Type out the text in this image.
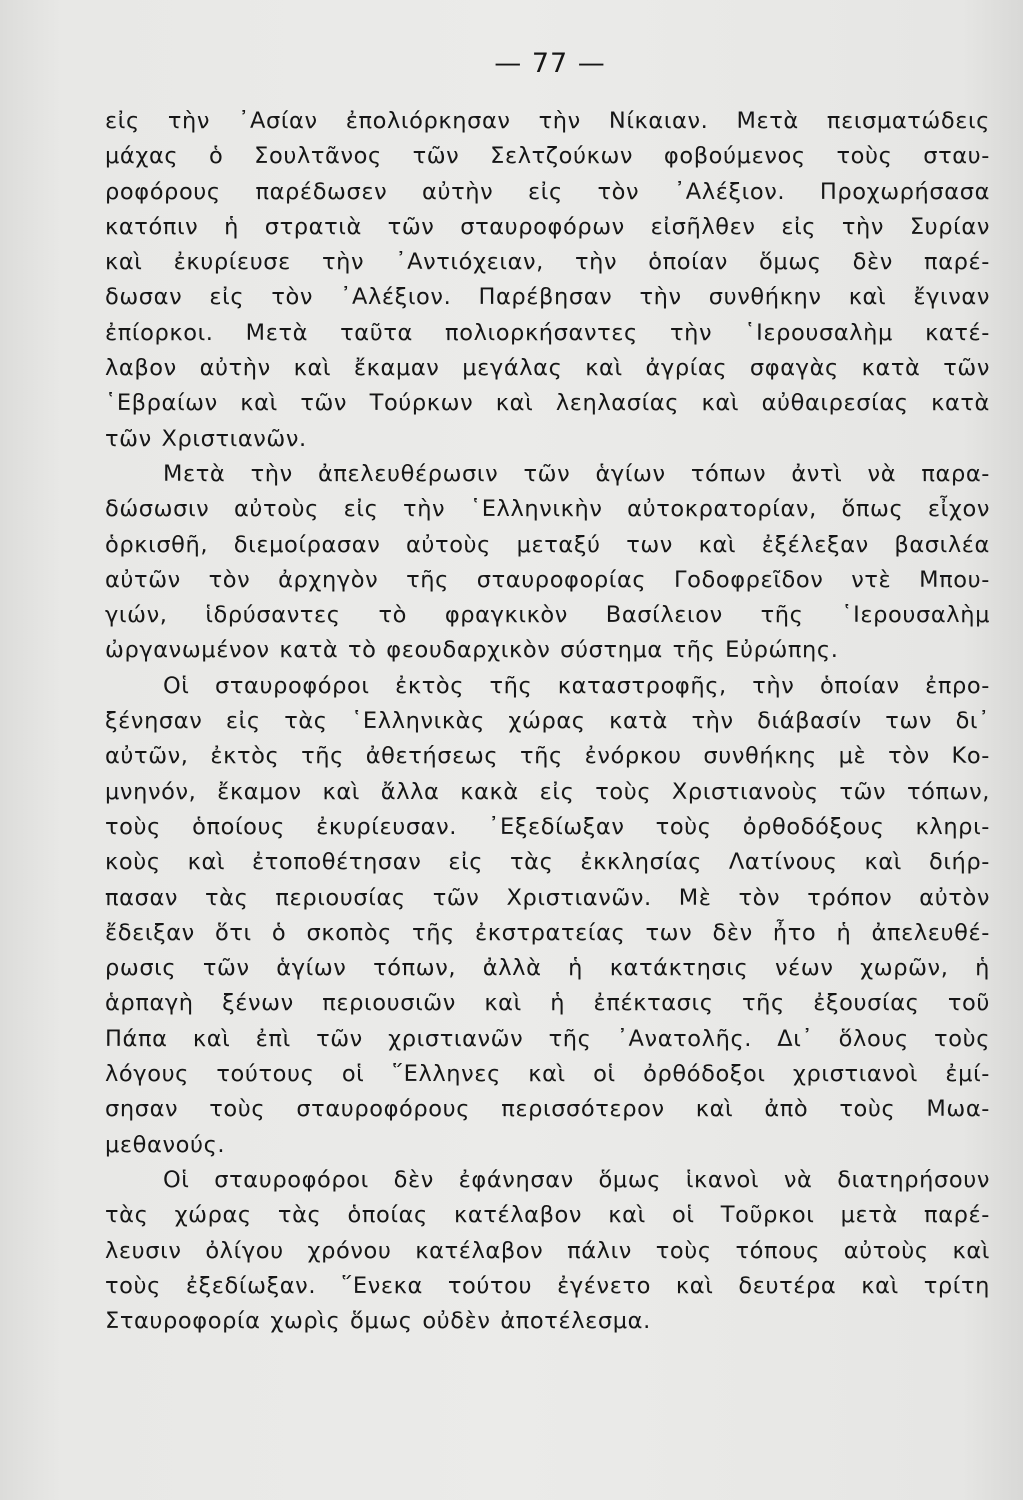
— 77 —
εἰς τὴν ᾿Ασίαν ἐπολιόρκησαν τὴν Νίκαιαν. Μετὰ πεισματώδεις
μάχας ὁ Σουλτᾶνος τῶν Σελτζούκων φοβούμενος τοὺς σταυ-
ροφόρους παρέδωσεν αὐτὴν εἰς τὸν ᾿Αλέξιον. Προχωρήσασα
κατόπιν ἡ στρατιὰ τῶν σταυροφόρων εἰσῆλθεν εἰς τὴν Συρίαν
καὶ ἐκυρίευσε τὴν ᾿Αντιόχειαν, τὴν ὁποίαν ὅμως δὲν παρέ-
δωσαν εἰς τὸν ᾿Αλέξιον. Παρέβησαν τὴν συνθήκην καὶ ἔγιναν
ἐπίορκοι. Μετὰ ταῦτα πολιορκήσαντες τὴν ῾Ιερουσαλὴμ κατέ-
λαβον αὐτὴν καὶ ἔκαμαν μεγάλας καὶ ἀγρίας σφαγὰς κατὰ τῶν
῾Εβραίων καὶ τῶν Τούρκων καὶ λεηλασίας καὶ αὐθαιρεσίας κατὰ
τῶν Χριστιανῶν.
Μετὰ τὴν ἀπελευθέρωσιν τῶν ἁγίων τόπων ἀντὶ νὰ παρα-
δώσωσιν αὐτοὺς εἰς τὴν ῾Ελληνικὴν αὐτοκρατορίαν, ὅπως εἶχον
ὁρκισθῆ, διεμοίρασαν αὐτοὺς μεταξύ των καὶ ἐξέλεξαν βασιλέα
αὐτῶν τὸν ἀρχηγὸν τῆς σταυροφορίας Γοδοφρεῖδον ντὲ Μπου-
γιών, ἱδρύσαντες τὸ φραγκικὸν Βασίλειον τῆς ῾Ιερουσαλὴμ
ὠργανωμένον κατὰ τὸ φεουδαρχικὸν σύστημα τῆς Εὐρώπης.
Οἱ σταυροφόροι ἐκτὸς τῆς καταστροφῆς, τὴν ὁποίαν ἐπρο-
ξένησαν εἰς τὰς ῾Ελληνικὰς χώρας κατὰ τὴν διάβασίν των δι᾿
αὐτῶν, ἐκτὸς τῆς ἀθετήσεως τῆς ἐνόρκου συνθήκης μὲ τὸν Κο-
μνηνόν, ἔκαμον καὶ ἄλλα κακὰ εἰς τοὺς Χριστιανοὺς τῶν τόπων,
τοὺς ὁποίους ἐκυρίευσαν. ᾿Εξεδίωξαν τοὺς ὀρθοδόξους κληρι-
κοὺς καὶ ἐτοποθέτησαν εἰς τὰς ἐκκλησίας Λατίνους καὶ διήρ-
πασαν τὰς περιουσίας τῶν Χριστιανῶν. Μὲ τὸν τρόπον αὐτὸν
ἔδειξαν ὅτι ὁ σκοπὸς τῆς ἐκστρατείας των δὲν ἦτο ἡ ἀπελευθέ-
ρωσις τῶν ἁγίων τόπων, ἀλλὰ ἡ κατάκτησις νέων χωρῶν, ἡ
ἁρπαγὴ ξένων περιουσιῶν καὶ ἡ ἐπέκτασις τῆς ἐξουσίας τοῦ
Πάπα καὶ ἐπὶ τῶν χριστιανῶν τῆς ᾿Ανατολῆς. Δι᾿ ὅλους τοὺς
λόγους τούτους οἱ ῞Ελληνες καὶ οἱ ὀρθόδοξοι χριστιανοὶ ἐμί-
σησαν τοὺς σταυροφόρους περισσότερον καὶ ἀπὸ τοὺς Μωα-
μεθανούς.
Οἱ σταυροφόροι δὲν ἐφάνησαν ὅμως ἱκανοὶ νὰ διατηρήσουν
τὰς χώρας τὰς ὁποίας κατέλαβον καὶ οἱ Τοῦρκοι μετὰ παρέ-
λευσιν ὀλίγου χρόνου κατέλαβον πάλιν τοὺς τόπους αὐτοὺς καὶ
τοὺς ἐξεδίωξαν. ῞Ενεκα τούτου ἐγένετο καὶ δευτέρα καὶ τρίτη
Σταυροφορία χωρὶς ὅμως οὐδὲν ἀποτέλεσμα.
